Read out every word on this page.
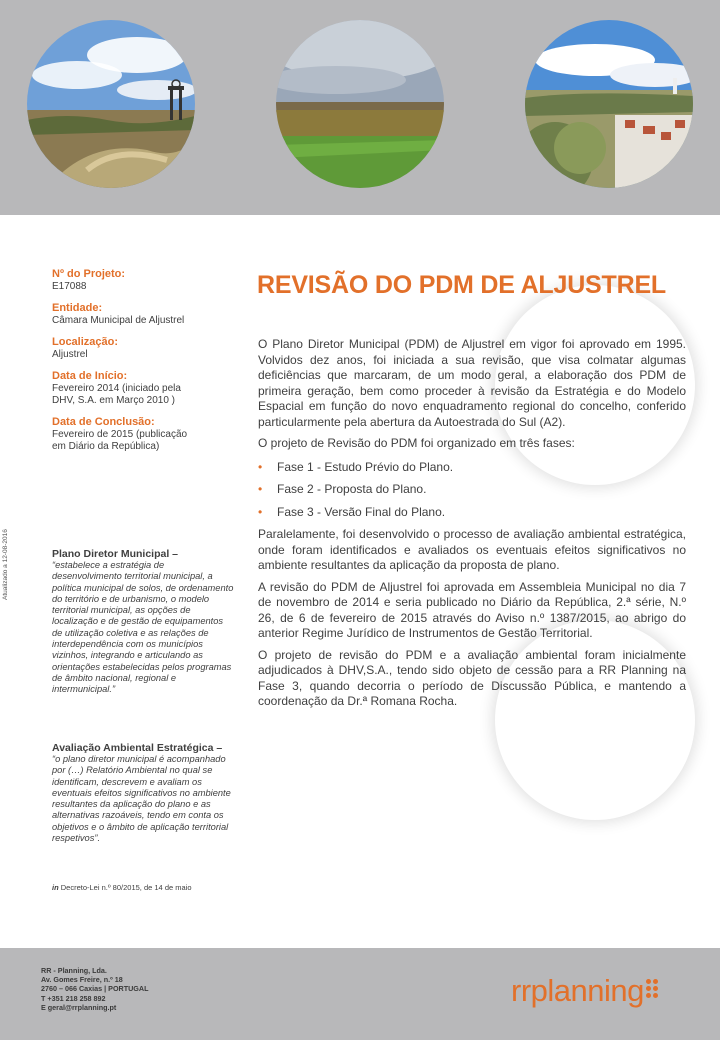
Atualizado a 12-08-2016
Nº do Projeto:
E17088
Entidade:
Câmara Municipal de Aljustrel
Localização:
Aljustrel
Data de Início:
Fevereiro 2014 (iniciado pela
DHV, S.A. em Março 2010 )
Data de Conclusão:
Fevereiro de 2015 (publicação
em Diário da República)
Plano Diretor Municipal –
“estabelece a estratégia de desenvolvimento territorial municipal, a política municipal de solos, de ordenamento do território e de urbanismo, o modelo territorial municipal, as opções de localização e de gestão de equipamentos de utilização coletiva e as relações de interdependência com os municípios vizinhos, integrando e articulando as orientações estabelecidas pelos programas de âmbito nacional, regional e intermunicipal.”
Avaliação Ambiental Estratégica –
“o plano diretor municipal é acompanhado por (…) Relatório Ambiental no qual se identificam, descrevem e avaliam os eventuais efeitos significativos no ambiente resultantes da aplicação do plano e as alternativas razoáveis, tendo em conta os objetivos e o âmbito de aplicação territorial respetivos”.
in Decreto-Lei n.º 80/2015, de 14 de maio
REVISÃO DO PDM DE ALJUSTREL

O Plano Diretor Municipal (PDM) de Aljustrel em vigor foi aprovado em 1995. Volvidos dez anos, foi iniciada a sua revisão, que visa colmatar algumas deficiências que marcaram, de um modo geral, a elaboração dos PDM de primeira geração, bem como proceder à revisão da Estratégia e do Modelo Espacial em função do novo enquadramento regional do concelho, conferido particularmente pela abertura da Autoestrada do Sul (A2).

O projeto de Revisão do PDM foi organizado em três fases:

• Fase 1 - Estudo Prévio do Plano.
• Fase 2 - Proposta do Plano.
• Fase 3 - Versão Final do Plano.

Paralelamente, foi desenvolvido o processo de avaliação ambiental estratégica, onde foram identificados e avaliados os eventuais efeitos significativos no ambiente resultantes da aplicação da proposta de plano.

A revisão do PDM de Aljustrel foi aprovada em Assembleia Municipal no dia 7 de novembro de 2014 e seria publicado no Diário da República, 2.ª série, N.º 26, de 6 de fevereiro de 2015 através do Aviso n.º 1387/2015, ao abrigo do anterior Regime Jurídico de Instrumentos de Gestão Territorial.

O projeto de revisão do PDM e a avaliação ambiental foram inicialmente adjudicados à DHV,S.A., tendo sido objeto de cessão para a RR Planning na Fase 3, quando decorria o período de Discussão Pública, e mantendo a coordenação da Dr.ª Romana Rocha.

RR - Planning, Lda.
Av. Gomes Freire, n.º 18
2760 – 066 Caxias | PORTUGAL
T +351 218 258 892
E geral@rrplanning.pt	rrplanning
